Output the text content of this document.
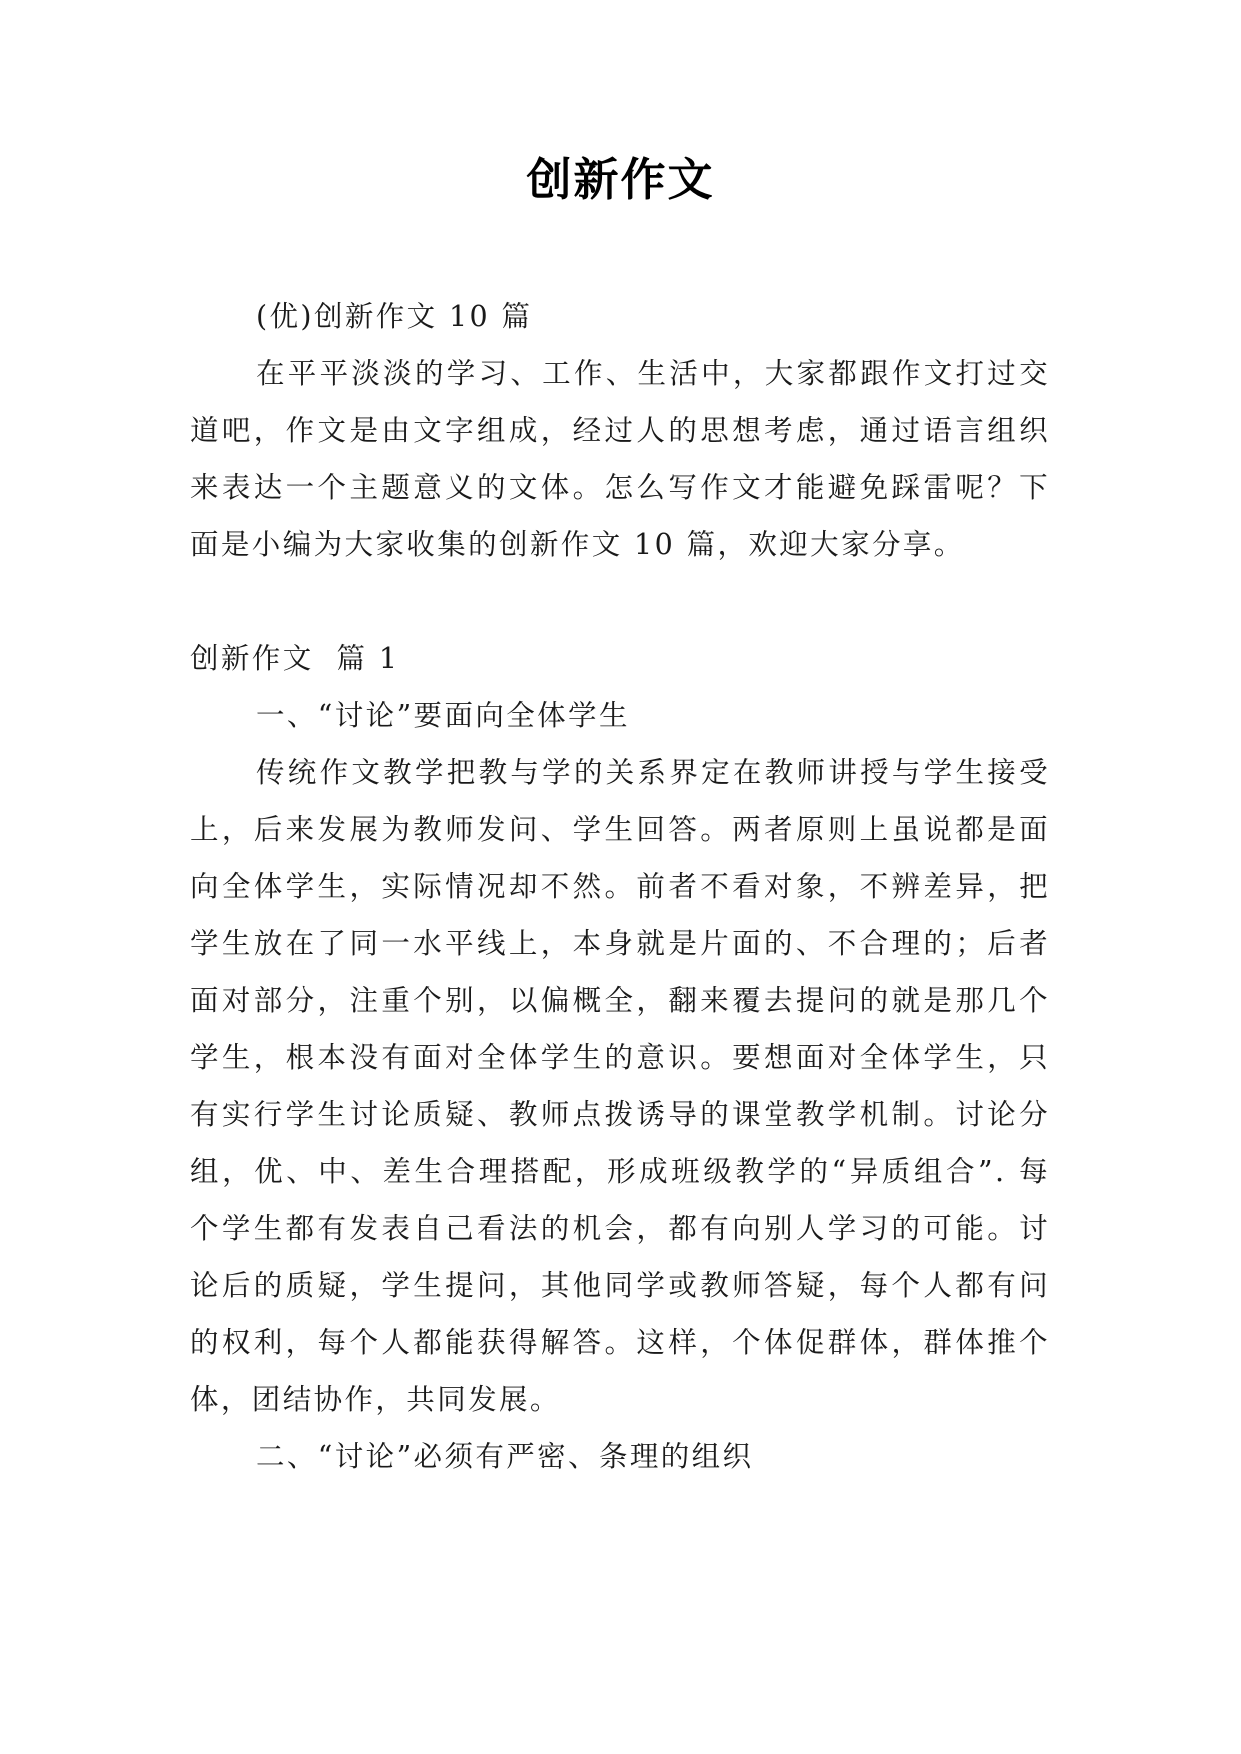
创新作文

(优)创新作文 10 篇

在平平淡淡的学习、工作、生活中，大家都跟作文打过交道吧，作文是由文字组成，经过人的思想考虑，通过语言组织来表达一个主题意义的文体。怎么写作文才能避免踩雷呢？下面是小编为大家收集的创新作文 10 篇，欢迎大家分享。

创新作文  篇 1

一、“讨论”要面向全体学生

传统作文教学把教与学的关系界定在教师讲授与学生接受上，后来发展为教师发问、学生回答。两者原则上虽说都是面向全体学生，实际情况却不然。前者不看对象，不辨差异，把学生放在了同一水平线上，本身就是片面的、不合理的；后者面对部分，注重个别，以偏概全，翻来覆去提问的就是那几个学生，根本没有面对全体学生的意识。要想面对全体学生，只有实行学生讨论质疑、教师点拨诱导的课堂教学机制。讨论分组，优、中、差生合理搭配，形成班级教学的“异质组合”. 每个学生都有发表自己看法的机会，都有向别人学习的可能。讨论后的质疑，学生提问，其他同学或教师答疑，每个人都有问的权利，每个人都能获得解答。这样，个体促群体，群体推个体，团结协作，共同发展。

二、“讨论”必须有严密、条理的组织
